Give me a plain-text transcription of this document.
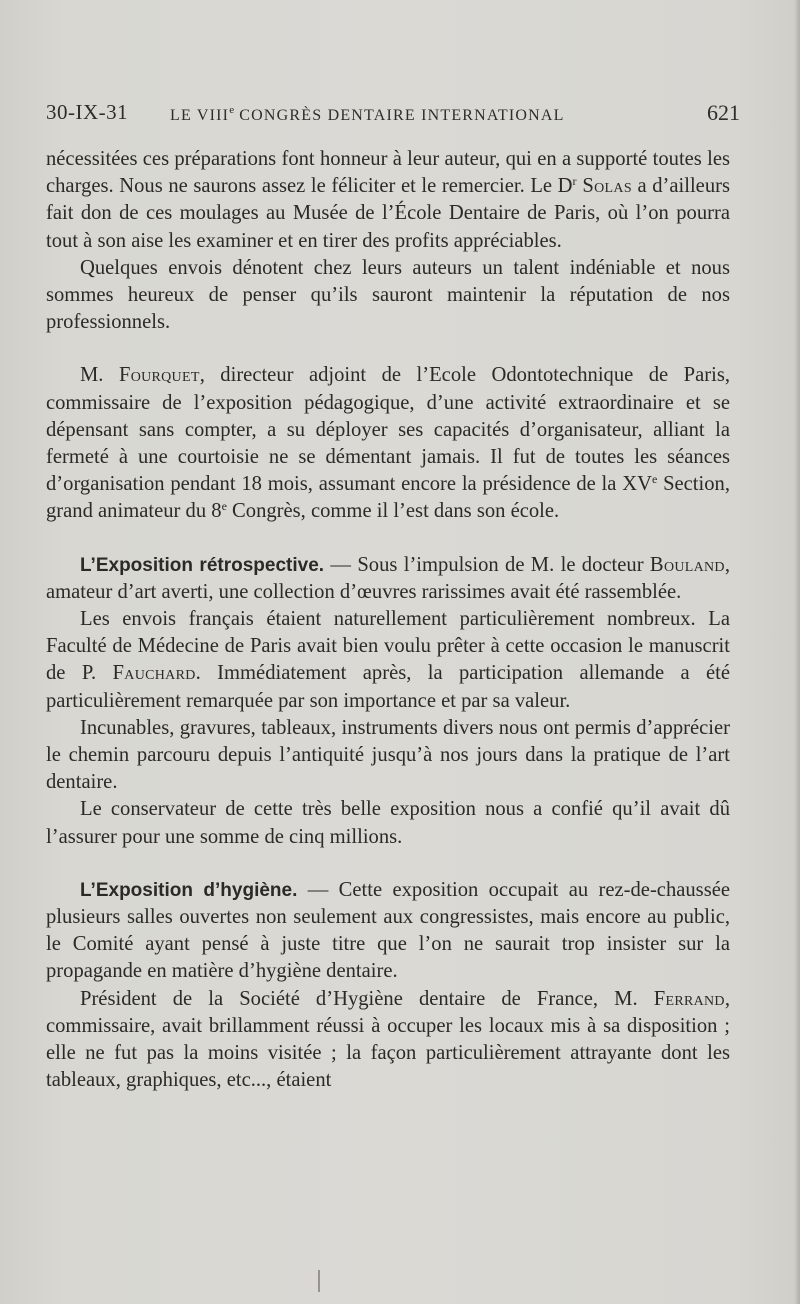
30-IX-31	LE VIIIe CONGRÈS DENTAIRE INTERNATIONAL	621

nécessitées ces préparations font honneur à leur auteur, qui en a supporté toutes les charges. Nous ne saurons assez le féliciter et le remercier. Le $D^r$ Solas a d’ailleurs fait don de ces moulages au Musée de l’École Dentaire de Paris, où l’on pourra tout à son aise les examiner et en tirer des profits appréciables.

Quelques envois dénotent chez leurs auteurs un talent indéniable et nous sommes heureux de penser qu’ils sauront maintenir la réputation de nos professionnels.

M. Fourquet, directeur adjoint de l’Ecole Odontotechnique de Paris, commissaire de l’exposition pédagogique, d’une activité extraordinaire et se dépensant sans compter, a su déployer ses capacités d’organisateur, alliant la fermeté à une courtoisie ne se démentant jamais. Il fut de toutes les séances d’organisation pendant 18 mois, assumant encore la présidence de la XVe Section, grand animateur du 8e Congrès, comme il l’est dans son école.

L’Exposition rétrospective. — Sous l’impulsion de M. le docteur Bouland, amateur d’art averti, une collection d’œuvres rarissimes avait été rassemblée.

Les envois français étaient naturellement particulièrement nombreux. La Faculté de Médecine de Paris avait bien voulu prêter à cette occasion le manuscrit de P. Fauchard. Immédiatement après, la participation allemande a été particulièrement remarquée par son importance et par sa valeur.

Incunables, gravures, tableaux, instruments divers nous ont permis d’apprécier le chemin parcouru depuis l’antiquité jusqu’à nos jours dans la pratique de l’art dentaire.

Le conservateur de cette très belle exposition nous a confié qu’il avait dû l’assurer pour une somme de cinq millions.

L’Exposition d’hygiène. — Cette exposition occupait au rez-de-chaussée plusieurs salles ouvertes non seulement aux congressistes, mais encore au public, le Comité ayant pensé à juste titre que l’on ne saurait trop insister sur la propagande en matière d’hygiène dentaire.

Président de la Société d’Hygiène dentaire de France, M. Ferrand, commissaire, avait brillamment réussi à occuper les locaux mis à sa disposition ; elle ne fut pas la moins visitée ; la façon particulièrement attrayante dont les tableaux, graphiques, etc..., étaient
